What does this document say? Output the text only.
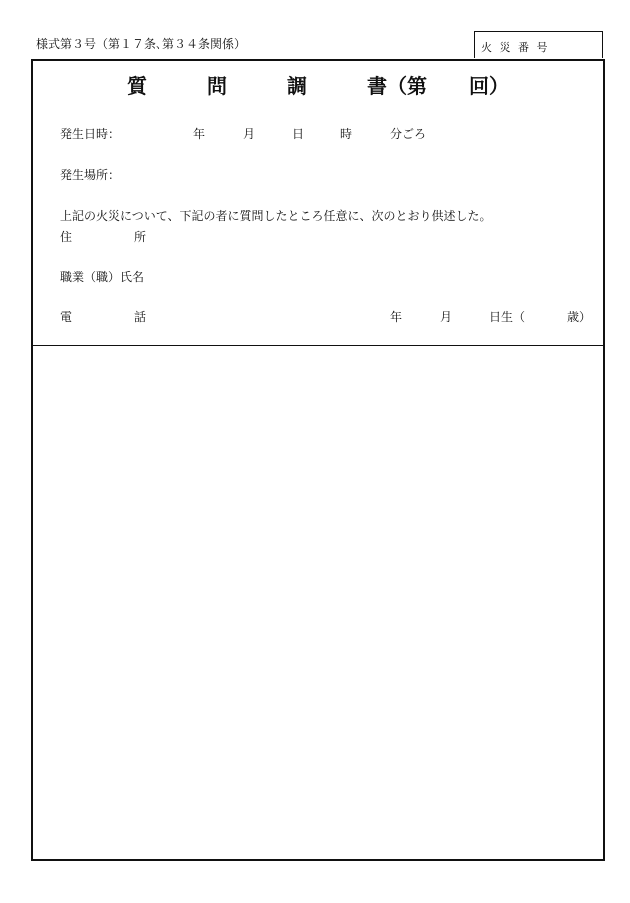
様式第３号（第１７条､第３４条関係）	火 災 番 号
質	問	調	書（第 回）
発生日時：	年	月	日	時	分ごろ
発生場所：
上記の火災について、下記の者に質問したところ任意に、次のとおり供述した。
住	所
職業（職）氏名
電	話	年	月	日生（	歳）
